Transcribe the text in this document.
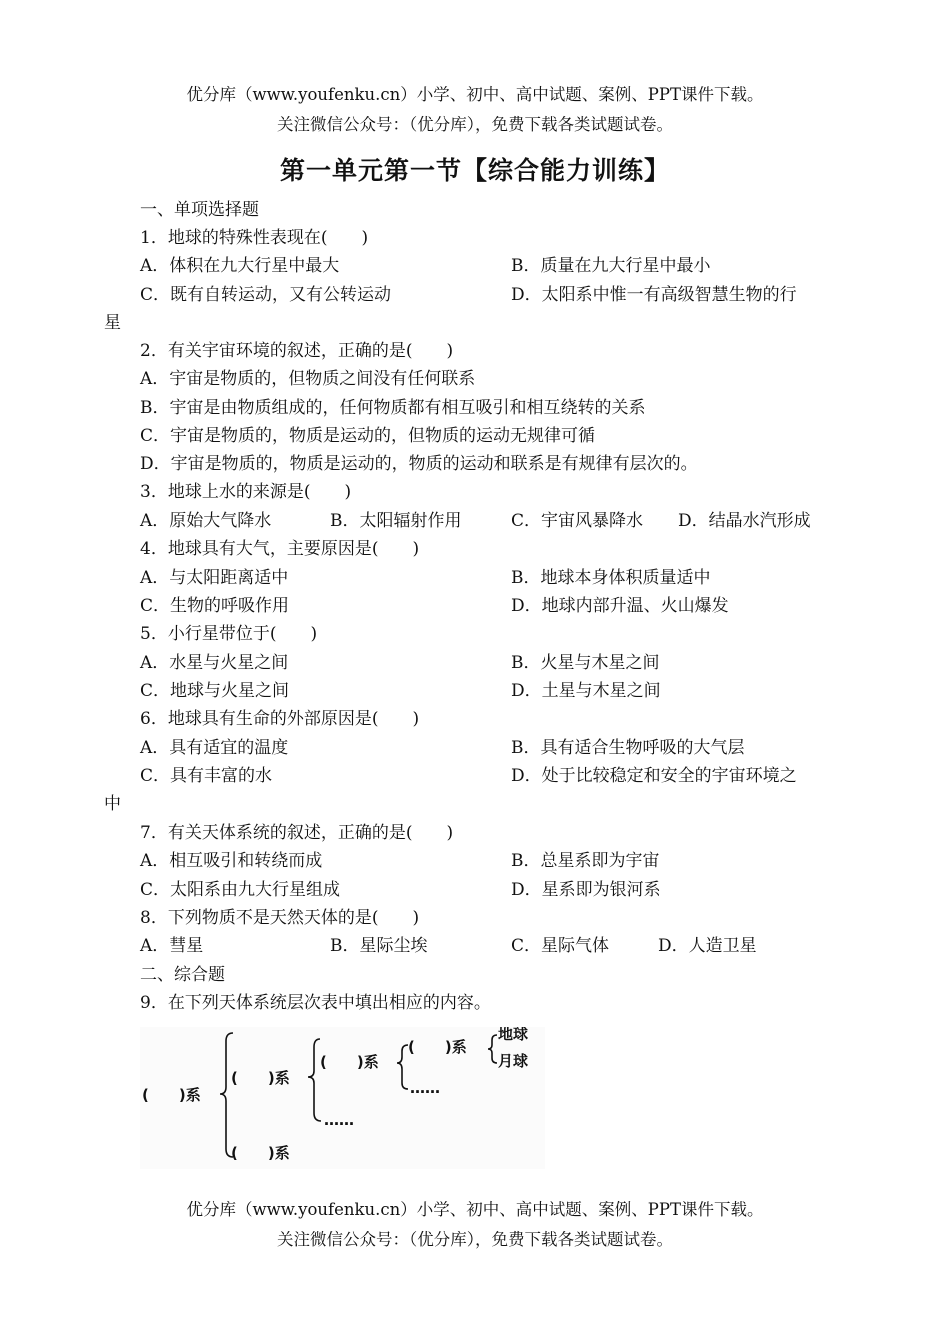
优分库（www.youfenku.cn）小学、初中、高中试题、案例、PPT课件下载。
关注微信公众号：（优分库），免费下载各类试题试卷。
第一单元第一节【综合能力训练】
一、单项选择题
1．地球的特殊性表现在(　　)
A．体积在九大行星中最大	B．质量在九大行星中最小
C．既有自转运动，又有公转运动	D．太阳系中惟一有高级智慧生物的行
星
2．有关宇宙环境的叙述，正确的是(　　)
A．宇宙是物质的，但物质之间没有任何联系
B．宇宙是由物质组成的，任何物质都有相互吸引和相互绕转的关系
C．宇宙是物质的，物质是运动的，但物质的运动无规律可循
D．宇宙是物质的，物质是运动的，物质的运动和联系是有规律有层次的。
3．地球上水的来源是(　　)
A．原始大气降水	B．太阳辐射作用	C．宇宙风暴降水 D．结晶水汽形成
4．地球具有大气，主要原因是(　　)
A．与太阳距离适中	B．地球本身体积质量适中
C．生物的呼吸作用	D．地球内部升温、火山爆发
5．小行星带位于(　　)
A．水星与火星之间	B．火星与木星之间
C．地球与火星之间	D．土星与木星之间
6．地球具有生命的外部原因是(　　)
A．具有适宜的温度	B．具有适合生物呼吸的大气层
C．具有丰富的水	D．处于比较稳定和安全的宇宙环境之
中
7．有关天体系统的叙述，正确的是(　　)
A．相互吸引和转绕而成	B．总星系即为宇宙
C．太阳系由九大行星组成	D．星系即为银河系
8．下列物质不是天然天体的是(　　)
A．彗星	B．星际尘埃	C．星际气体	D．人造卫星
二、综合题
9．在下列天体系统层次表中填出相应的内容。
(　　)系
(　　)系
(　　)系
(　　)系
……
(　　)系
……
地球
月球
优分库（www.youfenku.cn）小学、初中、高中试题、案例、PPT课件下载。
关注微信公众号：（优分库），免费下载各类试题试卷。
